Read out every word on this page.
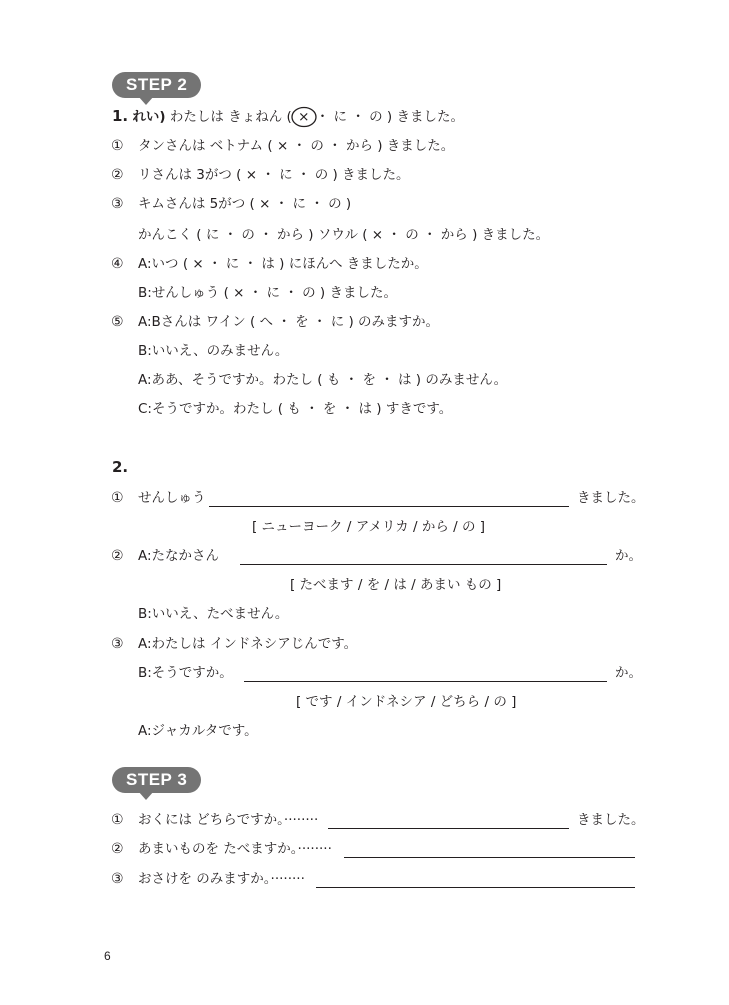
STEP 2
1. れい) わたしは きょねん ( × ・ に ・ の ) きました。
① タンさんは ベトナム ( × ・ の ・ から ) きました。
② リさんは 3がつ ( × ・ に ・ の ) きました。
③ キムさんは 5がつ ( × ・ に ・ の )
かんこく ( に ・ の ・ から ) ソウル ( × ・ の ・ から ) きました。
④ A:いつ ( × ・ に ・ は ) にほんへ きましたか。
B:せんしゅう ( × ・ に ・ の ) きました。
⑤ A:Bさんは ワイン ( へ ・ を ・ に ) のみますか。
B:いいえ、のみません。
A:ああ、そうですか。わたし ( も ・ を ・ は ) のみません。
C:そうですか。わたし ( も ・ を ・ は ) すきです。
2.
① せんしゅう	きました。
[ ニューヨーク / アメリカ / から / の ]
② A:たなかさん	か。
[ たべます / を / は / あまい もの ]
B:いいえ、たべません。
③ A:わたしは インドネシアじんです。
B:そうですか。	か。
[ です / インドネシア / どちら / の ]
A:ジャカルタです。
STEP 3
① おくには どちらですか。········	きました。
② あまいものを たべますか。········
③ おさけを のみますか。········
6
